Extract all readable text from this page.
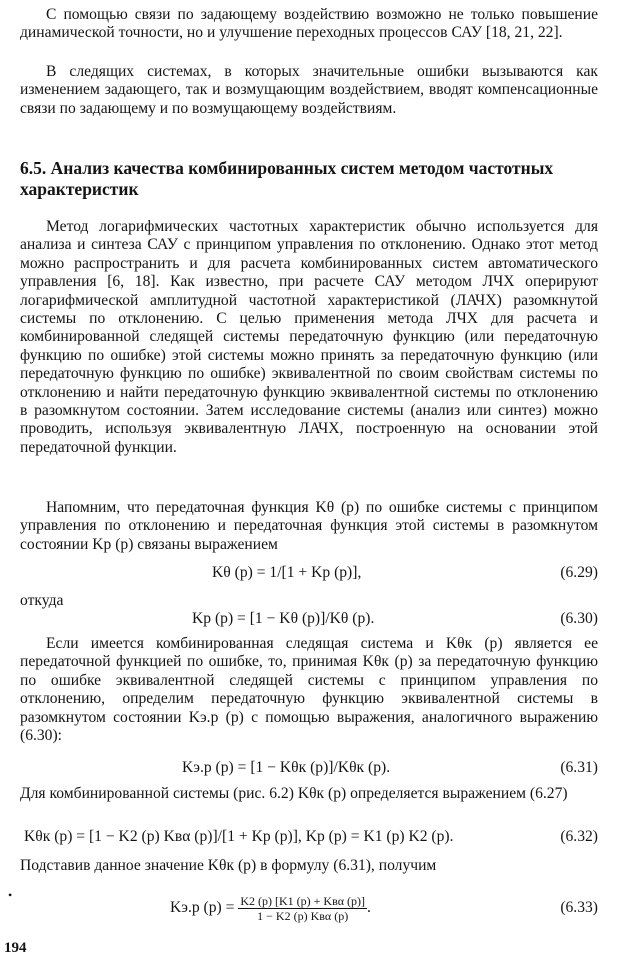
С помощью связи по задающему воздействию возможно не только повышение динамической точности, но и улучшение переходных процессов САУ [18, 21, 22].

В следящих системах, в которых значительные ошибки вызываются как изменением задающего, так и возмущающим воздействием, вводят компенсационные связи по задающему и по возмущающему воздействиям.

6.5. Анализ качества комбинированных систем методом частотных характеристик

Метод логарифмических частотных характеристик обычно используется для анализа и синтеза САУ с принципом управления по отклонению. Однако этот метод можно распространить и для расчета комбинированных систем автоматического управления [6, 18]. Как известно, при расчете САУ методом ЛЧХ оперируют логарифмической амплитудной частотной характеристикой (ЛАЧХ) разомкнутой системы по отклонению. С целью применения метода ЛЧХ для расчета и комбинированной следящей системы передаточную функцию (или передаточную функцию по ошибке) этой системы можно принять за передаточную функцию (или передаточную функцию по ошибке) эквивалентной по своим свойствам системы по отклонению и найти передаточную функцию эквивалентной системы по отклонению в разомкнутом состоянии. Затем исследование системы (анализ или синтез) можно проводить, используя эквивалентную ЛАЧХ, построенную на основании этой передаточной функции.

Напомним, что передаточная функция Kθ (p) по ошибке системы с принципом управления по отклонению и передаточная функция этой системы в разомкнутом состоянии Kр (p) связаны выражением

Kθ (p) = 1/[1 + Kр (p)],	(6.29)

откуда

Kр (p) = [1 − Kθ (p)]/Kθ (p).	(6.30)

Если имеется комбинированная следящая система и Kθк (p) является ее передаточной функцией по ошибке, то, принимая Kθк (p) за передаточную функцию по ошибке эквивалентной следящей системы с принципом управления по отклонению, определим передаточную функцию эквивалентной системы в разомкнутом состоянии Kэ.р (p) с помощью выражения, аналогичного выражению (6.30):

Kэ.р (p) = [1 − Kθк (p)]/Kθк (p).	(6.31)

Для комбинированной системы (рис. 6.2) Kθк (p) определяется выражением (6.27)

Kθк (p) = [1 − K2 (p) Kвα (p)]/[1 + Kр (p)], Kр (p) = K1 (p) K2 (p).	(6.32)

Подставив данное значение Kθк (p) в формулу (6.31), получим

•
Kэ.р $(p) = \frac{\text{K2 (p) [K1 (p) + Kвα (p)]}}{\text{1 − K2 (p) Kвα (p)}}$ .	(6.33)
194
